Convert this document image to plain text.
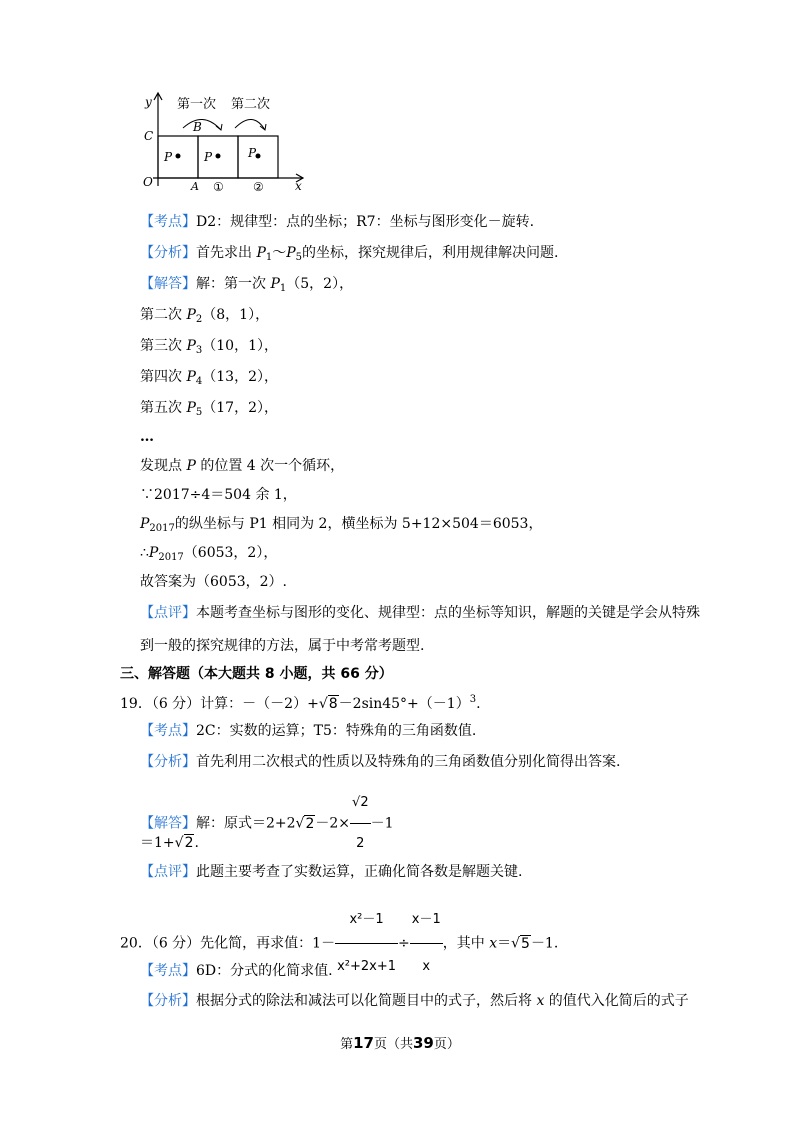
第一次 第二次
y
x
O
C
B
A
P	P	P
① ②
【考点】D2：规律型：点的坐标；R7：坐标与图形变化－旋转.
【分析】首先求出 $P_1\sim P_5$的坐标，探究规律后，利用规律解决问题.
【解答】解：第一次 $P_1(5$，2），
第二次 $P_2(8$，1），
第三次 $P_3(10$，1），
第四次 $P_4(13$，2），
第五次 $P_5(17$，2），
…
发现点 P 的位置 4 次一个循环，
∵2017÷4＝504 余 1，
$P_{2017}$的纵坐标与 P1 相同为 2，横坐标为 5+12×504＝6053，
$\therefore P_{2017}(6053$，2），
故答案为（6053，2）.
【点评】本题考查坐标与图形的变化、规律型：点的坐标等知识，解题的关键是学会从特殊
到一般的探究规律的方法，属于中考常考题型.
三、解答题（本大题共 8 小题，共 66 分）
19．（6 分）计算：$-(-2)+√8-2\sin 45^\circ+(-1)^3$.
【考点】2C：实数的运算；T5：特殊角的三角函数值.
【分析】首先利用二次根式的性质以及特殊角的三角函数值分别化简得出答案.
【解答】解：原式$=2+2√2-2\times \frac{√2}{2} -1$
＝1+√2.
【点评】此题主要考查了实数运算，正确化简各数是解题关键.
20．（6 分）先化简，再求值：$1- \frac{\text{x²－1}}{\text{x²+2x+1}} \div \frac{x-1}{x}$ ，其中 x＝√5－1.
【考点】6D：分式的化简求值.
【分析】根据分式的除法和减法可以化简题目中的式子，然后将 x 的值代入化简后的式子
第17页（共39页）
